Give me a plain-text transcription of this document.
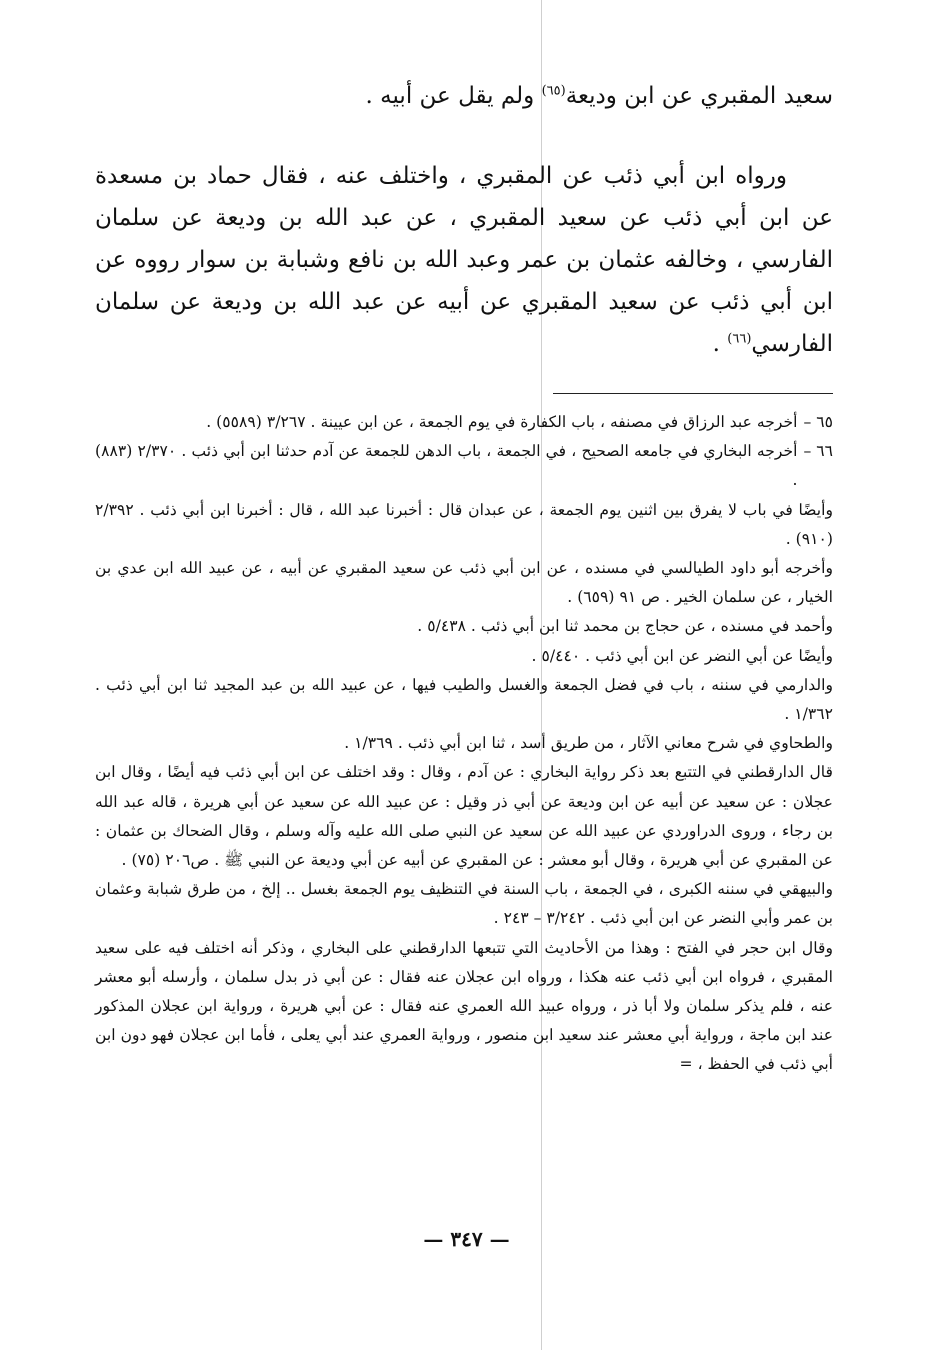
سعيد المقبري عن ابن وديعة$^{(٦٥)}$ ولم يقل عن أبيه .

ورواه ابن أبي ذئب عن المقبري ، واختلف عنه ، فقال حماد بن مسعدة عن ابن أبي ذئب عن سعيد المقبري ، عن عبد الله بن وديعة عن سلمان الفارسي ، وخالفه عثمان بن عمر وعبد الله بن نافع وشبابة بن سوار رووه عن ابن أبي ذئب عن سعيد المقبري عن أبيه عن عبد الله بن وديعة عن سلمان الفارسي$^{(٦٦)}$ .

٦٥ –
أخرجه عبد الرزاق في مصنفه ، باب الكفارة في يوم الجمعة ، عن ابن عيينة . ٣/٢٦٧ (٥٥٨٩) .
٦٦ –
أخرجه البخاري في جامعه الصحيح ، في الجمعة ، باب الدهن للجمعة عن آدم حدثنا ابن أبي ذئب . ٢/٣٧٠ (٨٨٣) .

وأيضًا في باب لا يفرق بين اثنين يوم الجمعة ، عن عبدان قال : أخبرنا عبد الله ، قال : أخبرنا ابن أبي ذئب . ٢/٣٩٢ (٩١٠) .

وأخرجه أبو داود الطيالسي في مسنده ، عن ابن أبي ذئب عن سعيد المقبري عن أبيه ، عن عبيد الله ابن عدي بن الخيار ، عن سلمان الخير . ص ٩١ (٦٥٩) .

وأحمد في مسنده ، عن حجاج بن محمد ثنا ابن أبي ذئب . ٥/٤٣٨ .

وأيضًا عن أبي النضر عن ابن أبي ذئب . ٥/٤٤٠ .

والدارمي في سننه ، باب في فضل الجمعة والغسل والطيب فيها ، عن عبيد الله بن عبد المجيد ثنا ابن أبي ذئب . ١/٣٦٢ .

والطحاوي في شرح معاني الآثار ، من طريق أسد ، ثنا ابن أبي ذئب . ١/٣٦٩ .

قال الدارقطني في التتبع بعد ذكر رواية البخاري : عن آدم ، وقال : وقد اختلف عن ابن أبي ذئب فيه أيضًا ، وقال ابن عجلان : عن سعيد عن أبيه عن ابن وديعة عن أبي ذر وقيل : عن عبيد الله عن سعيد عن أبي هريرة ، قاله عبد الله بن رجاء ، وروى الدراوردي عن عبيد الله عن سعيد عن النبي صلى الله عليه وآله وسلم ، وقال الضحاك بن عثمان : عن المقبري عن أبي هريرة ، وقال أبو معشر : عن المقبري عن أبيه عن أبي وديعة عن النبي ﷺ . ص٢٠٦ (٧٥) .

والبيهقي في سننه الكبرى ، في الجمعة ، باب السنة في التنظيف يوم الجمعة بغسل .. إلخ ، من طرق شبابة وعثمان بن عمر وأبي النضر عن ابن أبي ذئب . ٣/٢٤٢ – ٢٤٣ .

وقال ابن حجر في الفتح : وهذا من الأحاديث التي تتبعها الدارقطني على البخاري ، وذكر أنه اختلف فيه على سعيد المقبري ، فرواه ابن أبي ذئب عنه هكذا ، ورواه ابن عجلان عنه فقال : عن أبي ذر بدل سلمان ، وأرسله أبو معشر عنه ، فلم يذكر سلمان ولا أبا ذر ، ورواه عبيد الله العمري عنه فقال : عن أبي هريرة ، ورواية ابن عجلان المذكور عند ابن ماجة ، ورواية أبي معشر عند سعيد ابن منصور ، ورواية العمري عند أبي يعلى ، فأما ابن عجلان فهو دون ابن أبي ذئب في الحفظ ، =

— ٣٤٧ —
